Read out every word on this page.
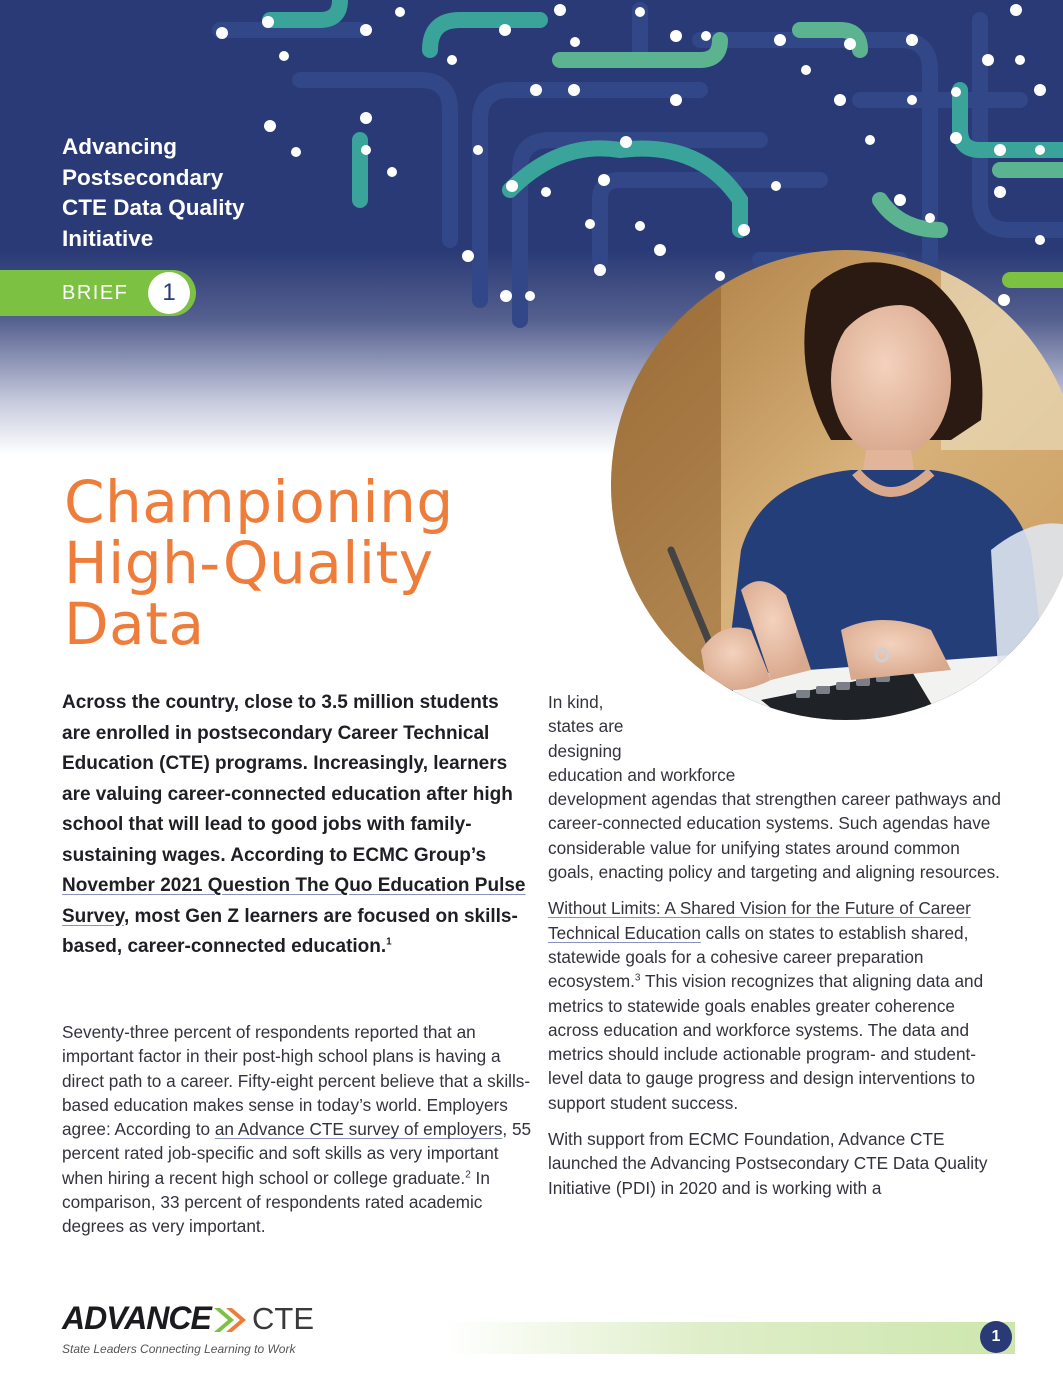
Advancing
Postsecondary
CTE Data Quality
Initiative
BRIEF	1
Championing
High-Quality
Data

Across the country, close to 3.5 million students are enrolled in postsecondary Career Technical Education (CTE) programs. Increasingly, learners are valuing career-connected education after high school that will lead to good jobs with family-sustaining wages. According to ECMC Group’s November 2021 Question The Quo Education Pulse Survey, most Gen Z learners are focused on skills-based, career-connected education.$^1$

Seventy-three percent of respondents reported that an important factor in their post-high school plans is having a direct path to a career. Fifty-eight percent believe that a skills-based education makes sense in today’s world. Employers agree: According to an Advance CTE survey of employers, 55 percent rated job-specific and soft skills as very important when hiring a recent high school or college graduate.$^2$ In comparison, 33 percent of respondents rated academic degrees as very important.

In kind,
states are
designing
education and workforce
development agendas that strengthen career pathways and career-connected education systems. Such agendas have considerable value for unifying states around common goals, enacting policy and targeting and aligning resources.

Without Limits: A Shared Vision for the Future of Career Technical Education calls on states to establish shared, statewide goals for a cohesive career preparation ecosystem.$^3$ This vision recognizes that aligning data and metrics to statewide goals enables greater coherence across education and workforce systems. The data and metrics should include actionable program- and student-level data to gauge progress and design interventions to support student success.

With support from ECMC Foundation, Advance CTE launched the Advancing Postsecondary CTE Data Quality Initiative (PDI) in 2020 and is working with a

ADVANCE CTE
State Leaders Connecting Learning to Work
1
